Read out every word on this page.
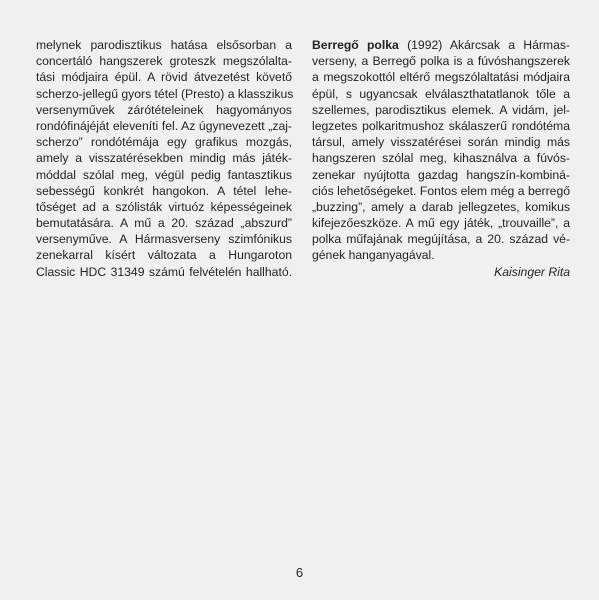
melynek parodisztikus hatása elsősorban a
concertáló hangszerek groteszk megszólalta-
tási módjaira épül. A rövid átvezetést követő
scherzo-jellegű gyors tétel (Presto) a klasszikus
versenyművek zárótételeinek hagyományos
rondófinájéját eleveníti fel. Az úgynevezett „zaj-
scherzo” rondótémája egy grafikus mozgás,
amely a visszatérésekben mindig más játék-
móddal szólal meg, végül pedig fantasztikus
sebességű konkrét hangokon. A tétel lehe-
tőséget ad a szólisták virtuóz képességeinek
bemutatására. A mű a 20. század „abszurd”
versenyműve. A Hármasverseny szimfónikus
zenekarral kísért változata a Hungaroton
Classic HDC 31349 számú felvételén hallható.
Berregő polka (1992) Akárcsak a Hármas-
verseny, a Berregő polka is a fúvóshangszerek
a megszokottól eltérő megszólaltatási módjaira
épül, s ugyancsak elválaszthatatlanok tőle a
szellemes, parodisztikus elemek. A vidám, jel-
legzetes polkaritmushoz skálaszerű rondótéma
társul, amely visszatérései során mindig más
hangszeren szólal meg, kihasználva a fúvós-
zenekar nyújtotta gazdag hangszín-kombiná-
ciós lehetőségeket. Fontos elem még a berregő
„buzzing”, amely a darab jellegzetes, komikus
kifejezőeszköze. A mű egy játék, „trouvaille”, a
polka műfajának megújítása, a 20. század vé-
gének hanganyagával.
Kaisinger Rita
6
